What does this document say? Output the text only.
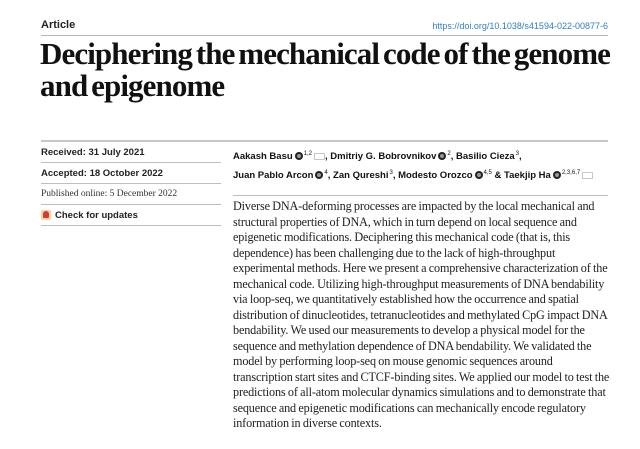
Article	https://doi.org/10.1038/s41594-022-00877-6
Deciphering the mechanical code of the genome and epigenome
Received: 31 July 2021
Accepted: 18 October 2022
Published online: 5 December 2022
Check for updates
Aakash Basu $^{1,2}$ , Dmitriy G. Bobrovnikov $^2$, Basilio Cieza$^3$,
Juan Pablo Arcon $^4$, Zan Qureshi$^3$, Modesto Orozco $^{4,5}$ & Taekjip Ha $^{2,3,6,7}$

Diverse DNA-deforming processes are impacted by the local mechanical and structural properties of DNA, which in turn depend on local sequence and epigenetic modifications. Deciphering this mechanical code (that is, this dependence) has been challenging due to the lack of high-throughput experimental methods. Here we present a comprehensive characterization of the mechanical code. Utilizing high-throughput measurements of DNA bendability via loop-seq, we quantitatively established how the occurrence and spatial distribution of dinucleotides, tetranucleotides and methylated CpG impact DNA bendability. We used our measurements to develop a physical model for the sequence and methylation dependence of DNA bendability. We validated the model by performing loop-seq on mouse genomic sequences around transcription start sites and CTCF-binding sites. We applied our model to test the predictions of all-atom molecular dynamics simulations and to demonstrate that sequence and epigenetic modifications can mechanically encode regulatory information in diverse contexts.
